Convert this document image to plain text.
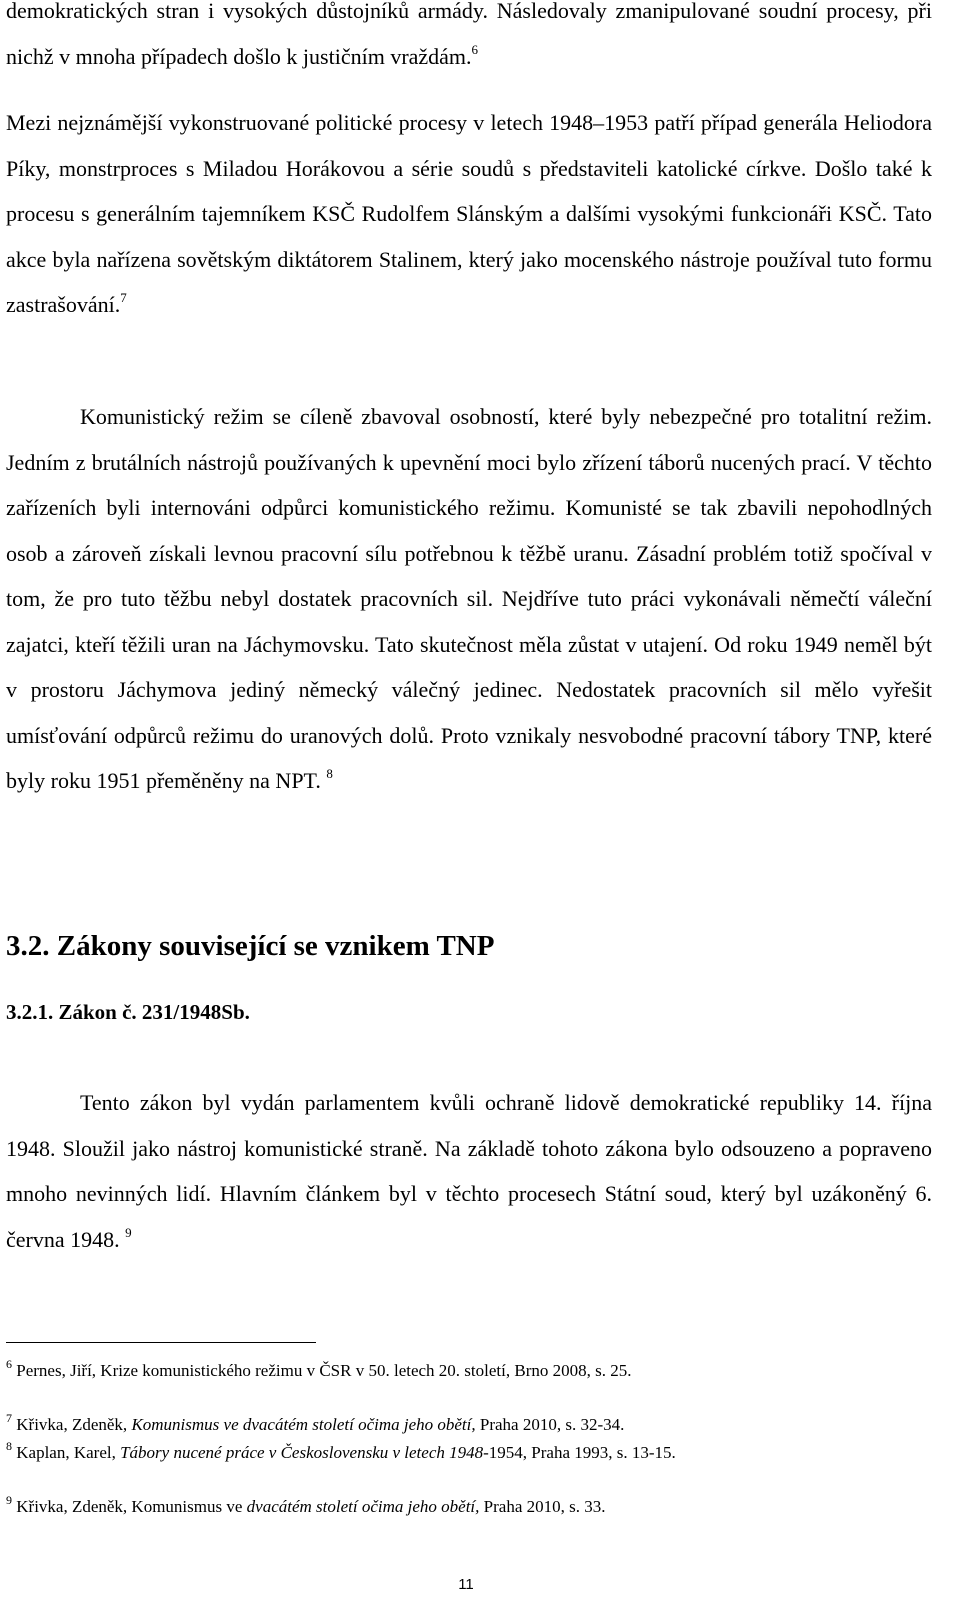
demokratických stran i vysokých důstojníků armády. Následovaly zmanipulované soudní procesy, při nichž v mnoha případech došlo k justičním vraždám.$^6$

Mezi nejznámější vykonstruované politické procesy v letech 1948–1953 patří případ generála Heliodora Píky, monstrproces s Miladou Horákovou a série soudů s představiteli katolické církve. Došlo také k procesu s generálním tajemníkem KSČ Rudolfem Slánským a dalšími vysokými funkcionáři KSČ. Tato akce byla nařízena sovětským diktátorem Stalinem, který jako mocenského nástroje používal tuto formu zastrašování.$^7$

Komunistický režim se cíleně zbavoval osobností, které byly nebezpečné pro totalitní režim. Jedním z brutálních nástrojů používaných k upevnění moci bylo zřízení táborů nucených prací. V těchto zařízeních byli internováni odpůrci komunistického režimu. Komunisté se tak zbavili nepohodlných osob a zároveň získali levnou pracovní sílu potřebnou k těžbě uranu. Zásadní problém totiž spočíval v tom, že pro tuto těžbu nebyl dostatek pracovních sil. Nejdříve tuto práci vykonávali němečtí váleční zajatci, kteří těžili uran na Jáchymovsku. Tato skutečnost měla zůstat v utajení. Od roku 1949 neměl být v prostoru Jáchymova jediný německý válečný jedinec. Nedostatek pracovních sil mělo vyřešit umísťování odpůrců režimu do uranových dolů. Proto vznikaly nesvobodné pracovní tábory TNP, které byly roku 1951 přeměněny na NPT. $^8$

3.2. Zákony související se vznikem TNP
3.2.1. Zákon č. 231/1948Sb.

Tento zákon byl vydán parlamentem kvůli ochraně lidově demokratické republiky 14. října 1948. Sloužil jako nástroj komunistické straně. Na základě tohoto zákona bylo odsouzeno a popraveno mnoho nevinných lidí. Hlavním článkem byl v těchto procesech Státní soud, který byl uzákoněný 6. června 1948. $^9$

$^6$ Pernes, Jiří, Krize komunistického režimu v ČSR v 50. letech 20. století, Brno 2008, s. 25.

$^7$ Křivka, Zdeněk, Komunismus ve dvacátém století očima jeho obětí, Praha 2010, s. 32-34.

$^8$ Kaplan, Karel, Tábory nucené práce v Československu v letech 1948-1954, Praha 1993, s. 13-15.

$^9$ Křivka, Zdeněk, Komunismus ve dvacátém století očima jeho obětí, Praha 2010, s. 33.

11
